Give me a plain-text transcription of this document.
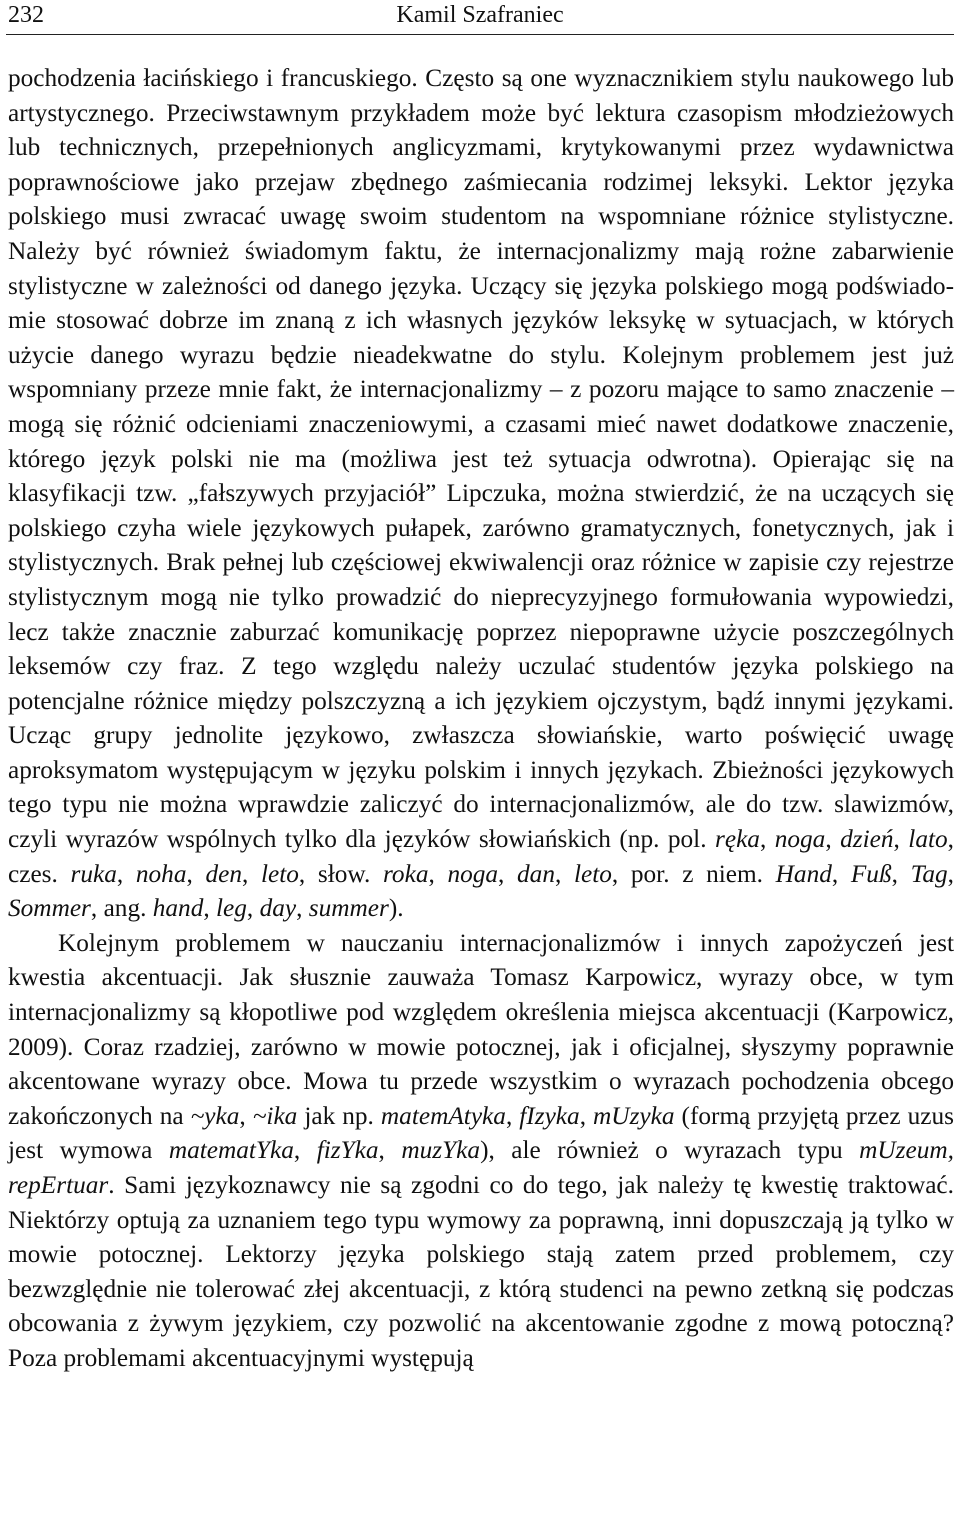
232	Kamil Szafraniec

pochodzenia łacińskiego i francuskiego. Często są one wyznacznikiem stylu naukowego lub artystycznego. Przeciwstawnym przykładem może być lektura czasopism młodzieżowych lub technicznych, przepełnionych anglicyzmami, krytykowanymi przez wydawnictwa poprawnościowe jako przejaw zbędnego zaśmiecania rodzimej leksyki. Lektor języka polskiego musi zwracać uwagę swoim studentom na wspomniane różnice stylistyczne. Należy być również świadomym faktu, że internacjonalizmy mają rożne zabarwienie stylistyczne w zależności od danego języka. Uczący się języka polskiego mogą podświadomie stosować dobrze im znaną z ich własnych języków leksykę w sytuacjach, w których użycie danego wyrazu będzie nieadekwatne do stylu. Kolejnym problemem jest już wspomniany przeze mnie fakt, że internacjonalizmy – z pozoru mające to samo znaczenie – mogą się różnić odcieniami znaczeniowymi, a czasami mieć nawet dodatkowe znaczenie, którego język polski nie ma (możliwa jest też sytuacja odwrotna). Opierając się na klasyfikacji tzw. „fałszywych przyjaciół” Lipczuka, można stwierdzić, że na uczących się polskiego czyha wiele językowych pułapek, zarówno gramatycznych, fonetycznych, jak i stylistycznych. Brak pełnej lub częściowej ekwiwalencji oraz różnice w zapisie czy rejestrze stylistycznym mogą nie tylko prowadzić do nieprecyzyjnego formułowania wypowiedzi, lecz także znacznie zaburzać komunikację poprzez niepoprawne użycie poszczególnych leksemów czy fraz. Z tego względu należy uczulać studentów języka polskiego na potencjalne różnice między polszczyzną a ich językiem ojczystym, bądź innymi językami. Ucząc grupy jednolite językowo, zwłaszcza słowiańskie, warto poświęcić uwagę aproksymatom występującym w języku polskim i innych językach. Zbieżności językowych tego typu nie można wprawdzie zaliczyć do internacjonalizmów, ale do tzw. slawizmów, czyli wyrazów wspólnych tylko dla języków słowiańskich (np. pol. ręka, noga, dzień, lato, czes. ruka, noha, den, leto, słow. roka, noga, dan, leto, por. z niem. Hand, Fuß, Tag, Sommer, ang. hand, leg, day, summer).

Kolejnym problemem w nauczaniu internacjonalizmów i innych zapożyczeń jest kwestia akcentuacji. Jak słusznie zauważa Tomasz Karpowicz, wyrazy obce, w tym internacjonalizmy są kłopotliwe pod względem określenia miejsca akcentuacji (Karpowicz, 2009). Coraz rzadziej, zarówno w mowie potocznej, jak i oficjalnej, słyszymy poprawnie akcentowane wyrazy obce. Mowa tu przede wszystkim o wyrazach pochodzenia obcego zakończonych na ~yka, ~ika jak np. matemAtyka, fIzyka, mUzyka (formą przyjętą przez uzus jest wymowa matematYka, fizYka, muzYka), ale również o wyrazach typu mUzeum, repErtuar. Sami językoznawcy nie są zgodni co do tego, jak należy tę kwestię traktować. Niektórzy optują za uznaniem tego typu wymowy za poprawną, inni dopuszczają ją tylko w mowie potocznej. Lektorzy języka polskiego stają zatem przed problemem, czy bezwzględnie nie tolerować złej akcentuacji, z którą studenci na pewno zetkną się podczas obcowania z żywym językiem, czy pozwolić na akcentowanie zgodne z mową potoczną? Poza problemami akcentuacyjnymi występują
